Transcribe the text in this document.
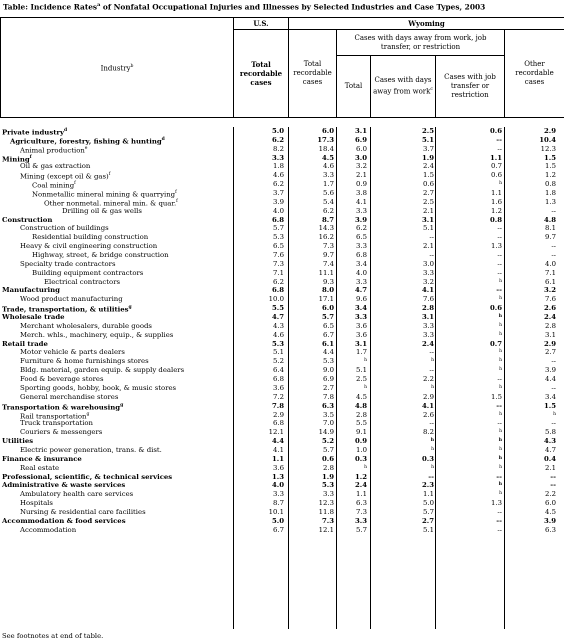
Table: Incidence Rates$^a$ of Nonfatal Occupational Injuries and Illnesses by Selected Industries and Case Types, 2003
Industry$^b$	U.S.	Wyoming				
	Total recordable cases	Total recordable cases	Cases with days away from work, job transfer, or restriction			Other recordable cases
			Total	Cases with days away from work$^c$	Cases with job transfer or restriction	
Private industry$^d$	5.0	6.0	3.1	2.5	0.6	2.9
Agriculture, forestry, fishing & hunting$^d$	6.2	17.3	6.9	5.1	--	10.4
Animal production$^e$	8.2	18.4	6.0	3.7	--	12.3
Mining$^f$	3.3	4.5	3.0	1.9	1.1	1.5
Oil & gas extraction	1.8	4.6	3.2	2.4	0.7	1.5
Mining (except oil & gas)$^f$	4.6	3.3	2.1	1.5	0.6	1.2
Coal mining$^f$	6.2	1.7	0.9	0.6	h	0.8
Nonmetallic mineral mining & quarrying$^f$	3.7	5.6	3.8	2.7	1.1	1.8
Other nonmetal. mineral min. & quar.$^f$	3.9	5.4	4.1	2.5	1.6	1.3
Drilling oil & gas wells	4.0	6.2	3.3	2.1	1.2	--
Construction	6.8	8.7	3.9	3.1	0.8	4.8
Construction of buildings	5.7	14.3	6.2	5.1	--	8.1
Residential building construction	5.3	16.2	6.5	--	--	9.7
Heavy & civil engineering construction	6.5	7.3	3.3	2.1	1.3	--
Highway, street, & bridge construction	7.6	9.7	6.8	--	--	--
Specialty trade contractors	7.3	7.4	3.4	3.0	--	4.0
Building equipment contractors	7.1	11.1	4.0	3.3	--	7.1
Electrical contractors	6.2	9.3	3.3	3.2	h	6.1
Manufacturing	6.8	8.0	4.7	4.1	--	3.2
Wood product manufacturing	10.0	17.1	9.6	7.6	h	7.6
Trade, transportation, & utilities$^g$	5.5	6.0	3.4	2.8	0.6	2.6
Wholesale trade	4.7	5.7	3.3	3.1	h	2.4
Merchant wholesalers, durable goods	4.3	6.5	3.6	3.3	h	2.8
Merch. whls., machinery, equip., & supplies	4.6	6.7	3.6	3.3	h	3.1
Retail trade	5.3	6.1	3.1	2.4	0.7	2.9
Motor vehicle & parts dealers	5.1	4.4	1.7	--	h	2.7
Furniture & home furnishings stores	5.2	5.3	h	h	h	--
Bldg. material, garden equip. & supply dealers	6.4	9.0	5.1	--	h	3.9
Food & beverage stores	6.8	6.9	2.5	2.2	--	4.4
Sporting goods, hobby, book, & music stores	3.6	2.7	h	h	h	--
General merchandise stores	7.2	7.8	4.5	2.9	1.5	3.4
Transportation & warehousing$^g$	7.8	6.3	4.8	4.1	--	1.5
Rail transportation$^g$	2.9	3.5	2.8	2.6	h	h
Truck transportation	6.8	7.0	5.5	--	--	--
Couriers & messengers	12.1	14.9	9.1	8.2	h	5.8
Utilities	4.4	5.2	0.9	h	h	4.3
Electric power generation, trans. & dist.	4.1	5.7	1.0	h	h	4.7
Finance & insurance	1.1	0.6	0.3	0.3	h	0.4
Real estate	3.6	2.8	h	h	h	2.1
Professional, scientific, & technical services	1.3	1.9	1.2	--	--	--
Administrative & waste services	4.0	5.3	2.4	2.3	h	--
Ambulatory health care services	3.3	3.3	1.1	1.1	h	2.2
Hospitals	8.7	12.3	6.3	5.0	1.3	6.0
Nursing & residential care facilities	10.1	11.8	7.3	5.7	--	4.5
Accommodation & food services	5.0	7.3	3.3	2.7	--	3.9
Accommodation	6.7	12.1	5.7	5.1	--	6.3
See footnotes at end of table.
